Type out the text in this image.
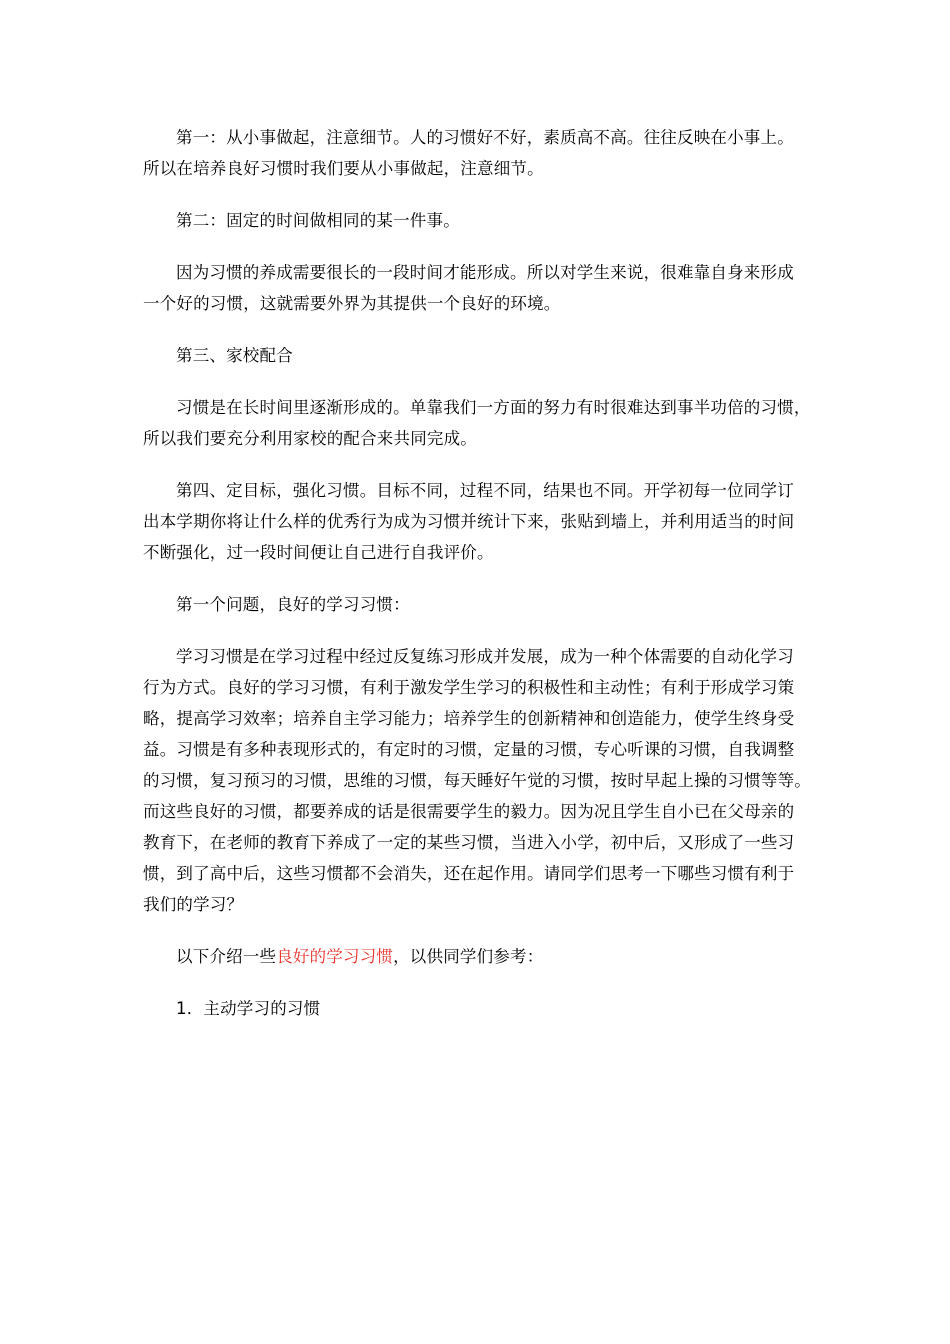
第一：从小事做起，注意细节。人的习惯好不好，素质高不高。往往反映在小事上。
所以在培养良好习惯时我们要从小事做起，注意细节。

第二：固定的时间做相同的某一件事。

因为习惯的养成需要很长的一段时间才能形成。所以对学生来说，很难靠自身来形成
一个好的习惯，这就需要外界为其提供一个良好的环境。

第三、家校配合

习惯是在长时间里逐渐形成的。单靠我们一方面的努力有时很难达到事半功倍的习惯，
所以我们要充分利用家校的配合来共同完成。

第四、定目标，强化习惯。目标不同，过程不同，结果也不同。开学初每一位同学订
出本学期你将让什么样的优秀行为成为习惯并统计下来，张贴到墙上，并利用适当的时间
不断强化，过一段时间便让自己进行自我评价。

第一个问题，良好的学习习惯：

学习习惯是在学习过程中经过反复练习形成并发展，成为一种个体需要的自动化学习
行为方式。良好的学习习惯，有利于激发学生学习的积极性和主动性；有利于形成学习策
略，提高学习效率；培养自主学习能力；培养学生的创新精神和创造能力，使学生终身受
益。习惯是有多种表现形式的，有定时的习惯，定量的习惯，专心听课的习惯，自我调整
的习惯，复习预习的习惯，思维的习惯，每天睡好午觉的习惯，按时早起上操的习惯等等。
而这些良好的习惯，都要养成的话是很需要学生的毅力。因为况且学生自小已在父母亲的
教育下，在老师的教育下养成了一定的某些习惯，当进入小学，初中后，又形成了一些习
惯，到了高中后，这些习惯都不会消失，还在起作用。请同学们思考一下哪些习惯有利于
我们的学习？

以下介绍一些良好的学习习惯，以供同学们参考：

1．主动学习的习惯
